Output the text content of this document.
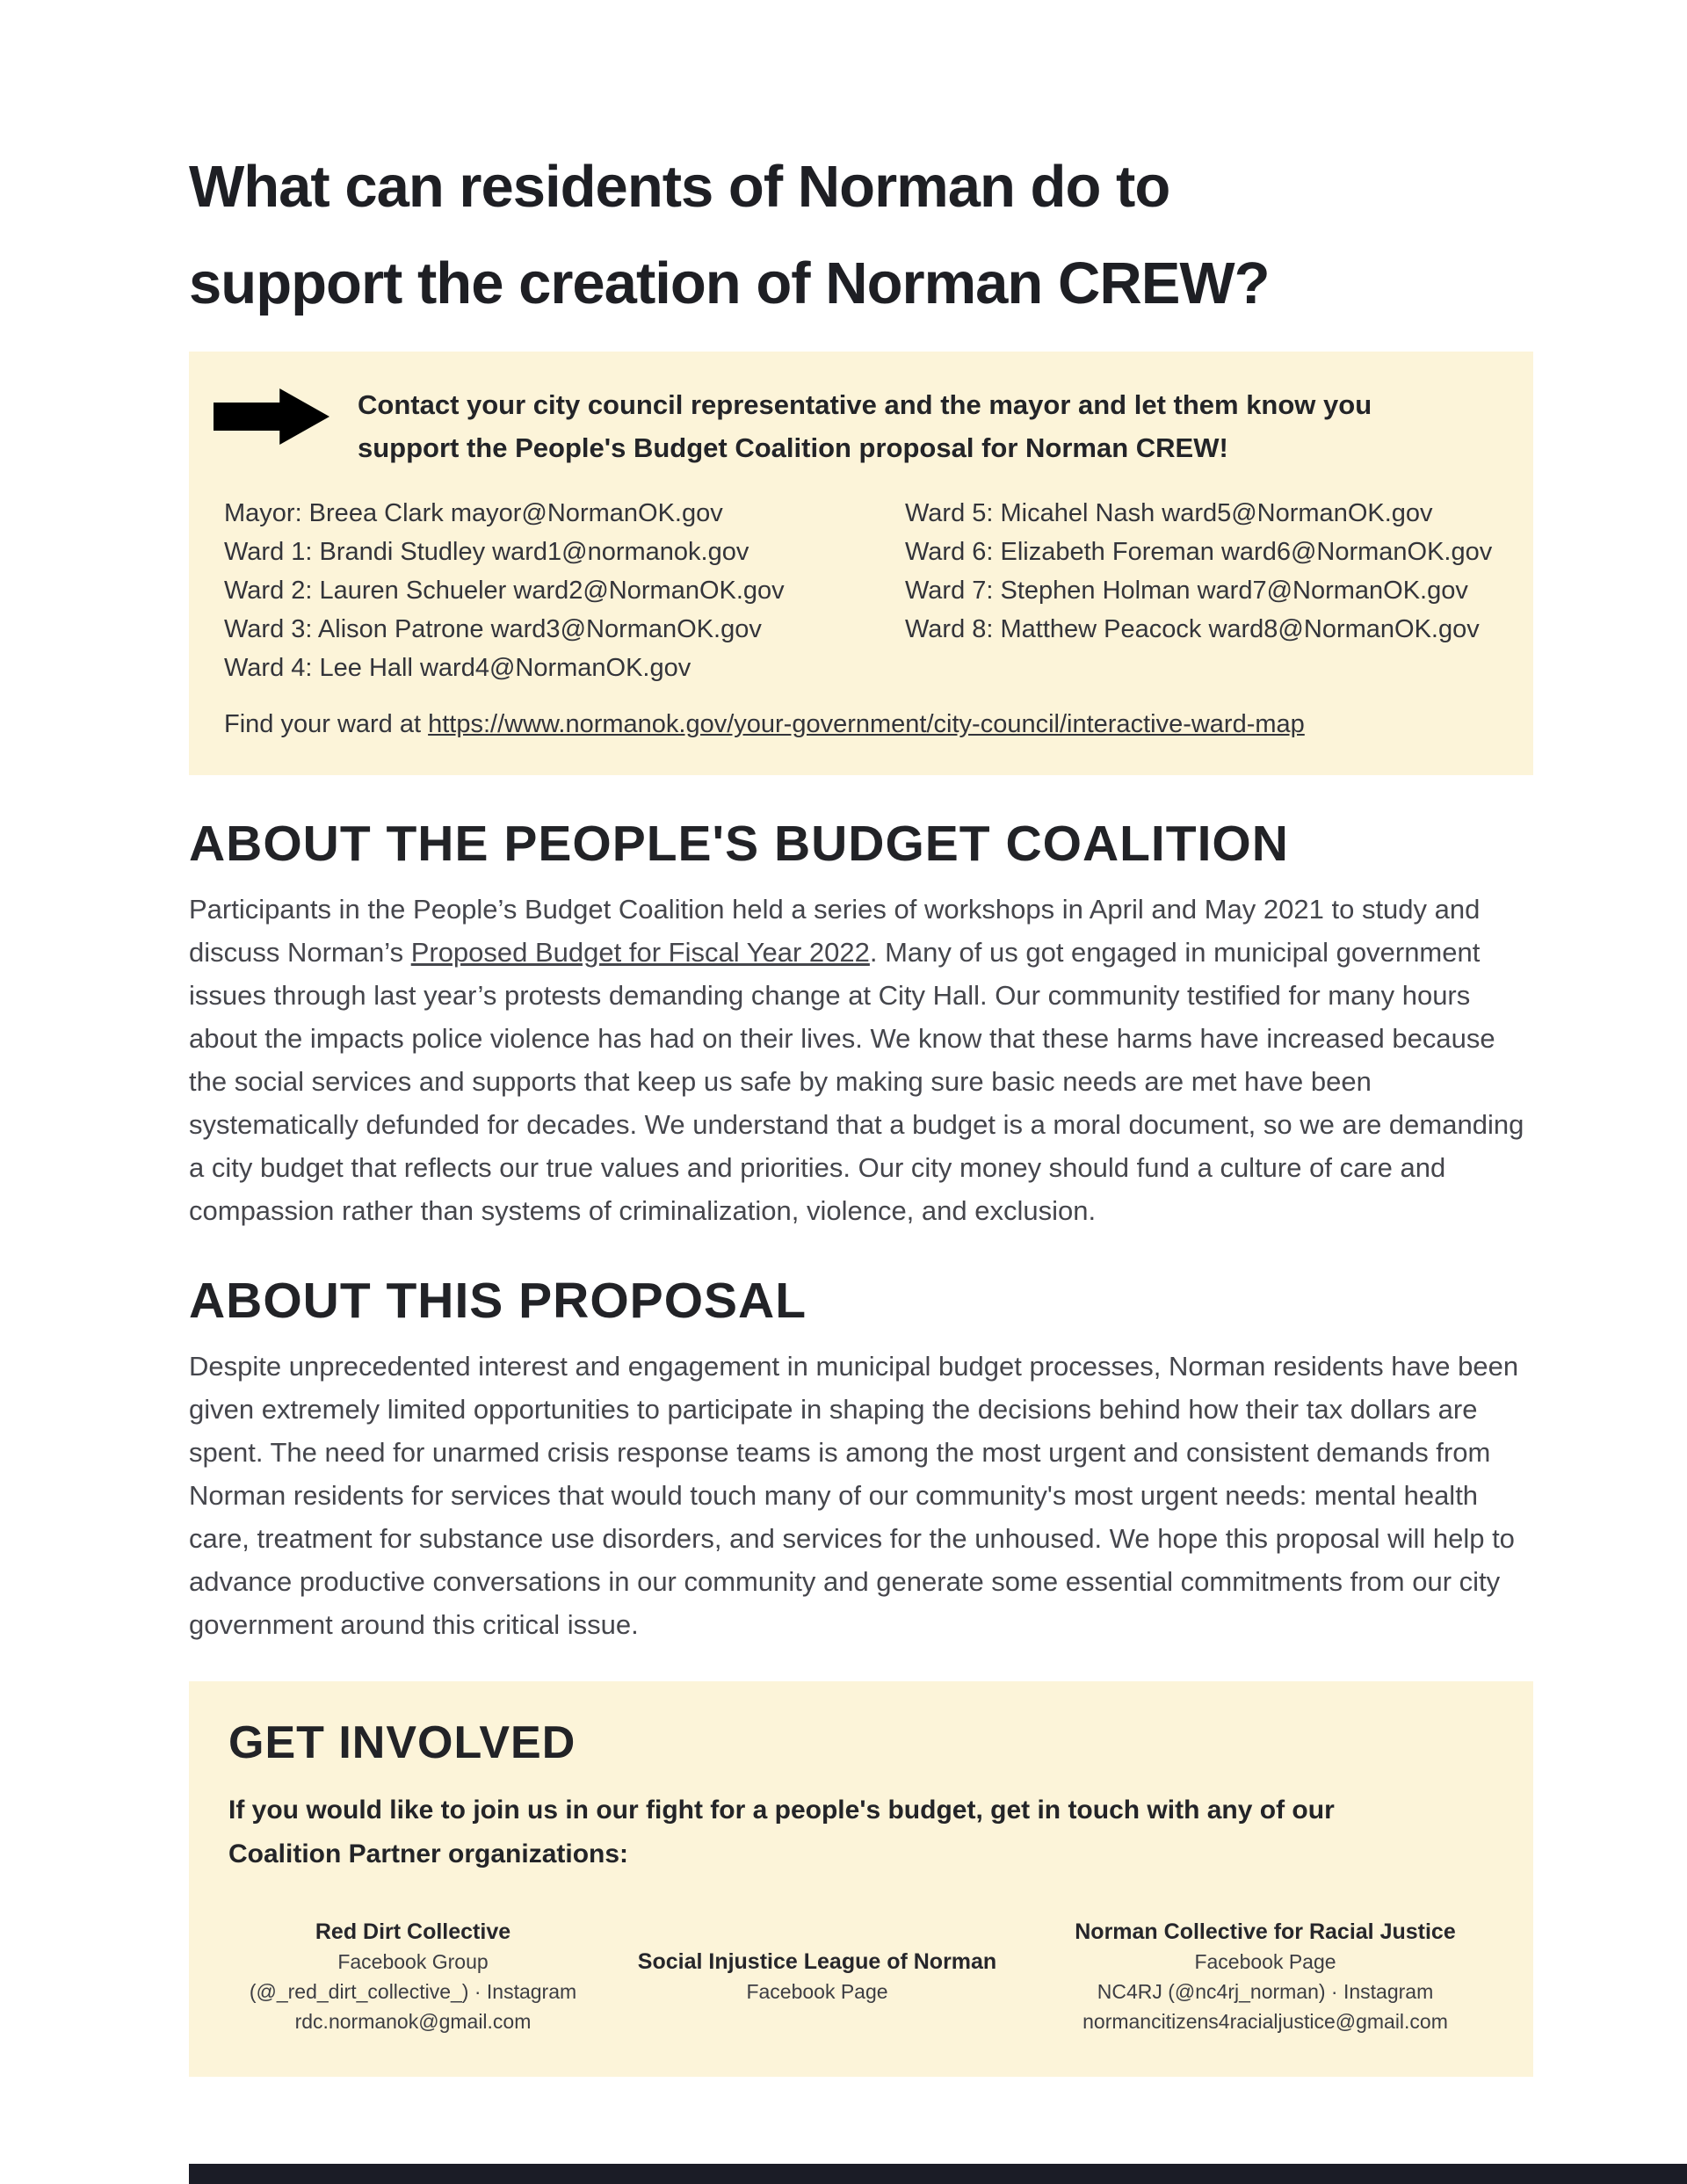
What can residents of Norman do to
support the creation of Norman CREW?
Contact your city council representative and the mayor and let them know you
support the People's Budget Coalition proposal for Norman CREW!
Mayor: Breea Clark mayor@NormanOK.gov
Ward 1: Brandi Studley ward1@normanok.gov
Ward 2: Lauren Schueler ward2@NormanOK.gov
Ward 3: Alison Patrone ward3@NormanOK.gov
Ward 4: Lee Hall ward4@NormanOK.gov
Ward 5: Micahel Nash ward5@NormanOK.gov
Ward 6: Elizabeth Foreman ward6@NormanOK.gov
Ward 7: Stephen Holman ward7@NormanOK.gov
Ward 8: Matthew Peacock ward8@NormanOK.gov
Find your ward at https://www.normanok.gov/your-government/city-council/interactive-ward-map
ABOUT THE PEOPLE'S BUDGET COALITION

Participants in the People’s Budget Coalition held a series of workshops in April and May 2021 to study and discuss Norman’s Proposed Budget for Fiscal Year 2022. Many of us got engaged in municipal government issues through last year’s protests demanding change at City Hall. Our community testified for many hours about the impacts police violence has had on their lives. We know that these harms have increased because the social services and supports that keep us safe by making sure basic needs are met have been systematically defunded for decades. We understand that a budget is a moral document, so we are demanding a city budget that reflects our true values and priorities. Our city money should fund a culture of care and compassion rather than systems of criminalization, violence, and exclusion.

ABOUT THIS PROPOSAL

Despite unprecedented interest and engagement in municipal budget processes, Norman residents have been given extremely limited opportunities to participate in shaping the decisions behind how their tax dollars are spent. The need for unarmed crisis response teams is among the most urgent and consistent demands from Norman residents for services that would touch many of our community's most urgent needs: mental health care, treatment for substance use disorders, and services for the unhoused. We hope this proposal will help to advance productive conversations in our community and generate some essential commitments from our city government around this critical issue.

GET INVOLVED
If you would like to join us in our fight for a people's budget, get in touch with any of our
Coalition Partner organizations:
Red Dirt Collective
Facebook Group
(@_red_dirt_collective_) · Instagram
rdc.normanok@gmail.com
Social Injustice League of Norman
Facebook Page
Norman Collective for Racial Justice
Facebook Page
NC4RJ (@nc4rj_norman) · Instagram
normancitizens4racialjustice@gmail.com
